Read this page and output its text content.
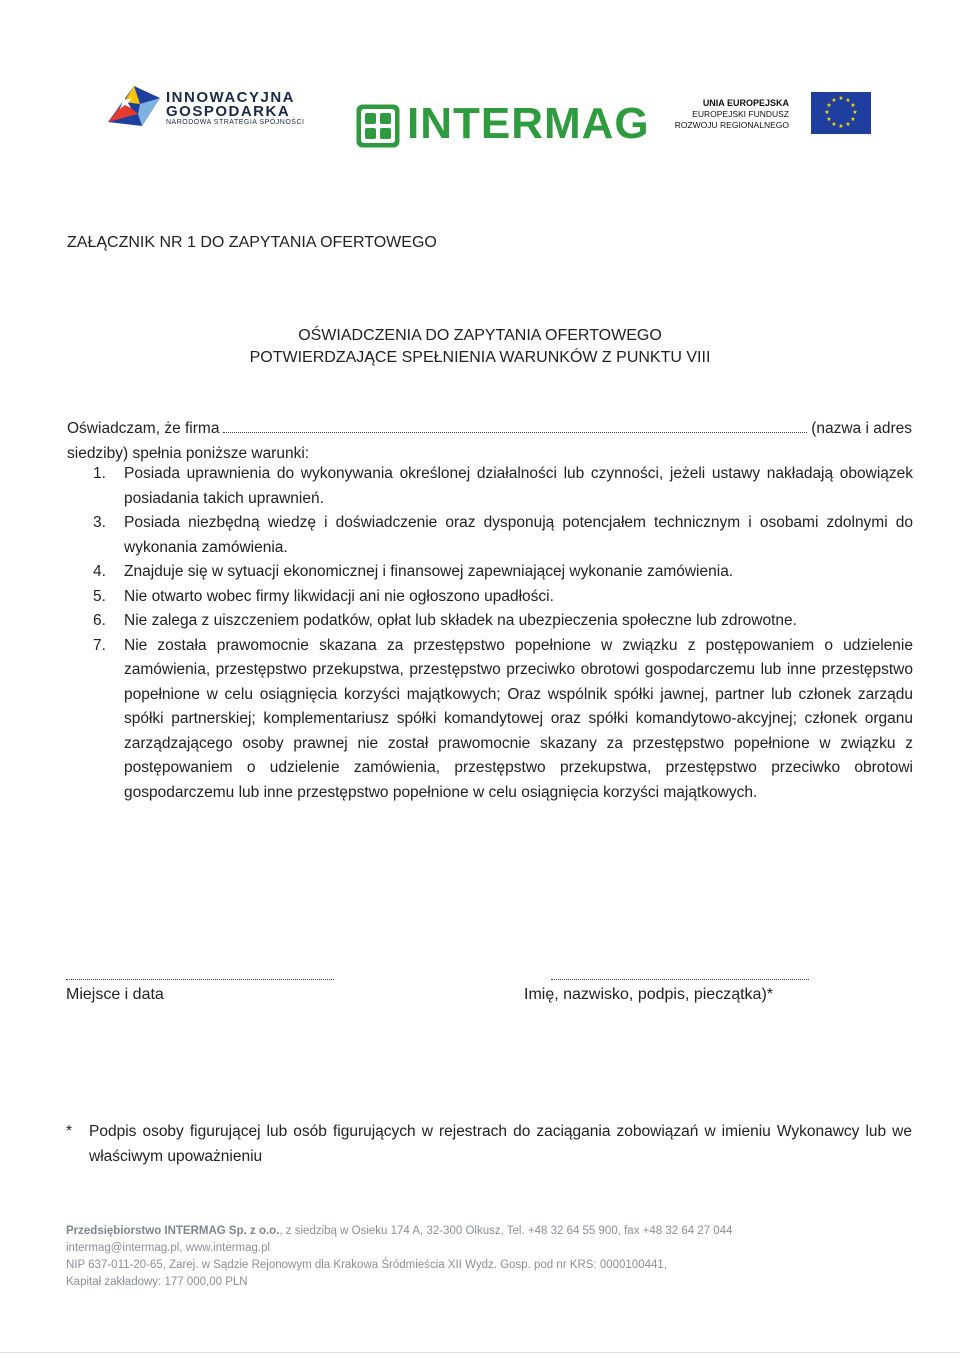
INNOWACYJNA
GOSPODARKA
NARODOWA STRATEGIA SPÓJNOŚCI INTERMAG	UNIA EUROPEJSKA
EUROPEJSKI FUNDUSZ
ROZWOJU REGIONALNEGO
★ ★
★
★
★
★
★
★
★
★
★
★
ZAŁĄCZNIK NR 1 DO ZAPYTANIA OFERTOWEGO
OŚWIADCZENIA DO ZAPYTANIA OFERTOWEGO
POTWIERDZAJĄCE SPEŁNIENIA WARUNKÓW Z PUNKTU VIII
Oświadczam, że firma	(nazwa i adres
siedziby) spełnia poniższe warunki:
1.	Posiada uprawnienia do wykonywania określonej działalności lub czynności, jeżeli ustawy nakładają obowiązek posiadania takich uprawnień.
3.	Posiada niezbędną wiedzę i doświadczenie oraz dysponują potencjałem technicznym i osobami zdolnymi do wykonania zamówienia.
4.	Znajduje się w sytuacji ekonomicznej i finansowej zapewniającej wykonanie zamówienia.
5.	Nie otwarto wobec firmy likwidacji ani nie ogłoszono upadłości.
6.	Nie zalega z uiszczeniem podatków, opłat lub składek na ubezpieczenia społeczne lub zdrowotne.
7.	Nie została prawomocnie skazana za przestępstwo popełnione w związku z postępowaniem o udzielenie zamówienia, przestępstwo przekupstwa, przestępstwo przeciwko obrotowi gospodarczemu lub inne przestępstwo popełnione w celu osiągnięcia korzyści majątkowych; Oraz wspólnik spółki jawnej, partner lub członek zarządu spółki partnerskiej; komplementariusz spółki komandytowej oraz spółki komandytowo-akcyjnej; członek organu zarządzającego osoby prawnej nie został prawomocnie skazany za przestępstwo popełnione w związku z postępowaniem o udzielenie zamówienia, przestępstwo przekupstwa, przestępstwo przeciwko obrotowi gospodarczemu lub inne przestępstwo popełnione w celu osiągnięcia korzyści majątkowych.
Miejsce i data	Imię, nazwisko, podpis, pieczątka)*
*	Podpis osoby figurującej lub osób figurujących w rejestrach do zaciągania zobowiązań w imieniu Wykonawcy lub we właściwym upoważnieniu
Przedsiębiorstwo INTERMAG Sp. z o.o., z siedzibą w Osieku 174 A, 32-300 Olkusz, Tel. +48 32 64 55 900, fax +48 32 64 27 044
intermag@intermag.pl, www.intermag.pl
NIP 637-011-20-65, Zarej. w Sądzie Rejonowym dla Krakowa Śródmieścia XII Wydz. Gosp. pod nr KRS: 0000100441,
Kapitał zakładowy: 177 000,00 PLN
